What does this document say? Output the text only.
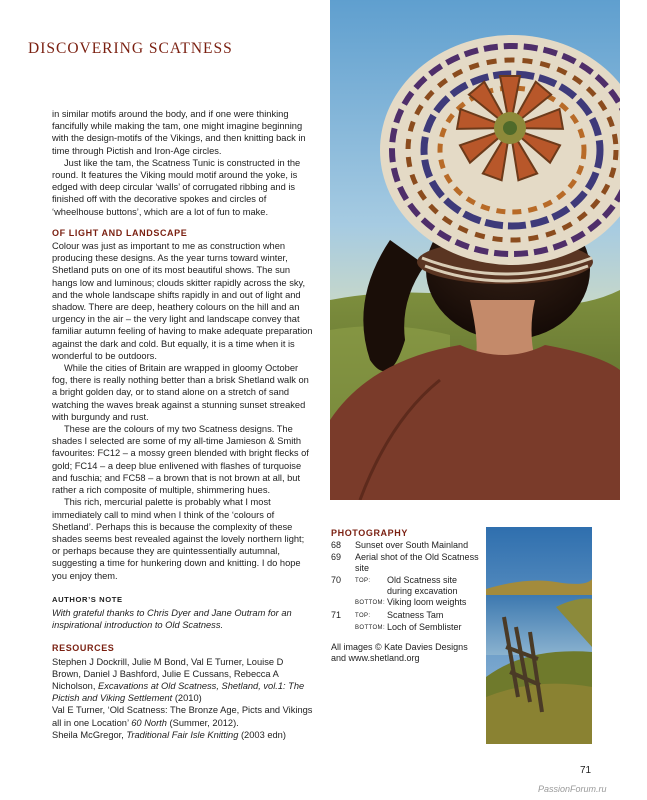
DISCOVERING SCATNESS

in similar motifs around the body, and if one were thinking fancifully while making the tam, one might imagine beginning with the design-motifs of the Vikings, and then knitting back in time through Pictish and Iron-Age circles.

Just like the tam, the Scatness Tunic is constructed in the round. It features the Viking mould motif around the yoke, is edged with deep circular ‘walls’ of corrugated ribbing and is finished off with the decorative spokes and circles of ‘wheelhouse buttons’, which are a lot of fun to make.

OF LIGHT AND LANDSCAPE

Colour was just as important to me as construction when producing these designs. As the year turns toward winter, Shetland puts on one of its most beautiful shows. The sun hangs low and luminous; clouds skitter rapidly across the sky, and the whole landscape shifts rapidly in and out of light and shadow. There are deep, heathery colours on the hill and an urgency in the air – the very light and landscape convey that familiar autumn feeling of having to make adequate preparation against the dark and cold. But equally, it is a time when it is wonderful to be outdoors.

While the cities of Britain are wrapped in gloomy October fog, there is really nothing better than a brisk Shetland walk on a bright golden day, or to stand alone on a stretch of sand watching the waves break against a stunning sunset streaked with burgundy and rust.

These are the colours of my two Scatness designs. The shades I selected are some of my all-time Jamieson & Smith favourites: FC12 – a mossy green blended with bright flecks of gold; FC14 – a deep blue enlivened with flashes of turquoise and fuschia; and FC58 – a brown that is not brown at all, but rather a rich composite of multiple, shimmering hues.

This rich, mercurial palette is probably what I most immediately call to mind when I think of the ‘colours of Shetland’. Perhaps this is because the complexity of these shades seems best revealed against the lovely northern light; or perhaps because they are quintessentially autumnal, suggesting a time for hunkering down and knitting. I do hope you enjoy them.

AUTHOR’S NOTE

With grateful thanks to Chris Dyer and Jane Outram for an inspirational introduction to Old Scatness.

RESOURCES

Stephen J Dockrill, Julie M Bond, Val E Turner, Louise D Brown, Daniel J Bashford, Julie E Cussans, Rebecca A Nicholson, Excavations at Old Scatness, Shetland, vol.1: The Pictish and Viking Settlement (2010)

Val E Turner, ‘Old Scatness: The Bronze Age, Picts and Vikings all in one Location’ 60 North (Summer, 2012).

Sheila McGregor, Traditional Fair Isle Knitting (2003 edn)

PHOTOGRAPHY
68	Sunset over South Mainland
69	Aerial shot of the Old Scatness site
70	TOP:	Old Scatness site during excavation
BOTTOM: Viking loom weights
71	TOP:	Scatness Tam
BOTTOM: Loch of Semblister
All images © Kate Davies Designs and www.shetland.org
71
PassionForum.ru
